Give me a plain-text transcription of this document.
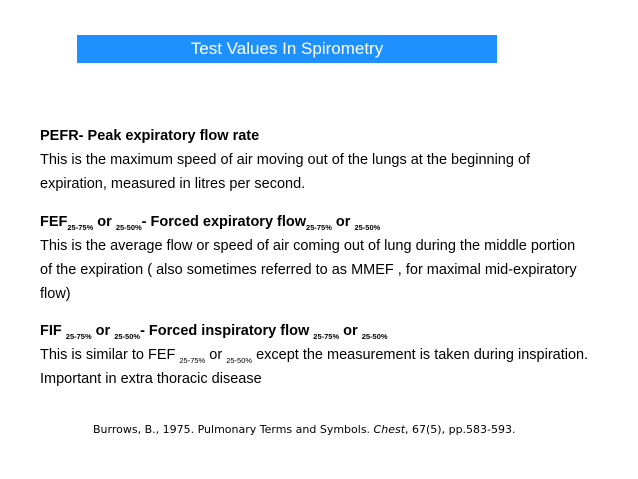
Test Values In Spirometry
PEFR- Peak expiratory flow rate
This is the maximum speed of air moving out of the lungs at the beginning of
expiration, measured in litres per second.
$FEF_{25-75\%}$ or $_{25-50\%}$- Forced expiratory flow$_{25-75\%}$ or $_{25-50\%}$
This is the average flow or speed of air coming out of lung during the middle portion
of the expiration ( also sometimes referred to as MMEF , for maximal mid-expiratory
flow)
FIF $_{25-75\%}$ or $_{25-50\%}$- Forced inspiratory flow $_{25-75\%}$ or $_{25-50\%}$
This is similar to FEF $_{25-75\%}$ or $_{25-50\%}$ except the measurement is taken during inspiration.
Important in extra thoracic disease
Burrows, B., 1975. Pulmonary Terms and Symbols. Chest, 67(5), pp.583-593.
